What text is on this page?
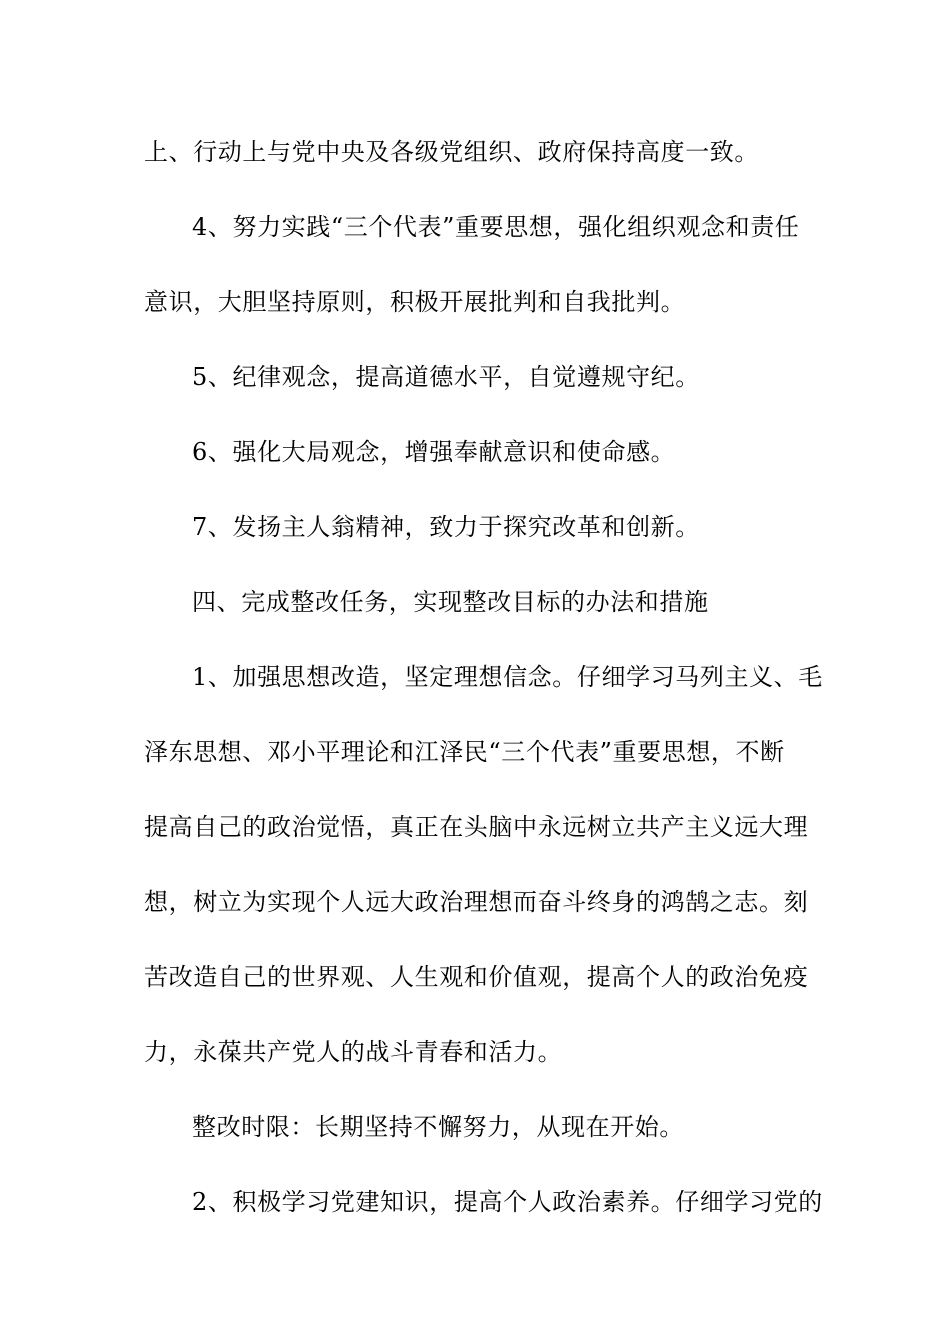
上、行动上与党中央及各级党组织、政府保持高度一致。
4、努力实践“三个代表”重要思想，强化组织观念和责任
意识，大胆坚持原则，积极开展批判和自我批判。
5、纪律观念，提高道德水平，自觉遵规守纪。
6、强化大局观念，增强奉献意识和使命感。
7、发扬主人翁精神，致力于探究改革和创新。
四、完成整改任务，实现整改目标的办法和措施
1、加强思想改造，坚定理想信念。仔细学习马列主义、毛
泽东思想、邓小平理论和江泽民“三个代表”重要思想，不断
提高自己的政治觉悟，真正在头脑中永远树立共产主义远大理
想，树立为实现个人远大政治理想而奋斗终身的鸿鹄之志。刻
苦改造自己的世界观、人生观和价值观，提高个人的政治免疫
力，永葆共产党人的战斗青春和活力。
整改时限：长期坚持不懈努力，从现在开始。
2、积极学习党建知识，提高个人政治素养。仔细学习党的
